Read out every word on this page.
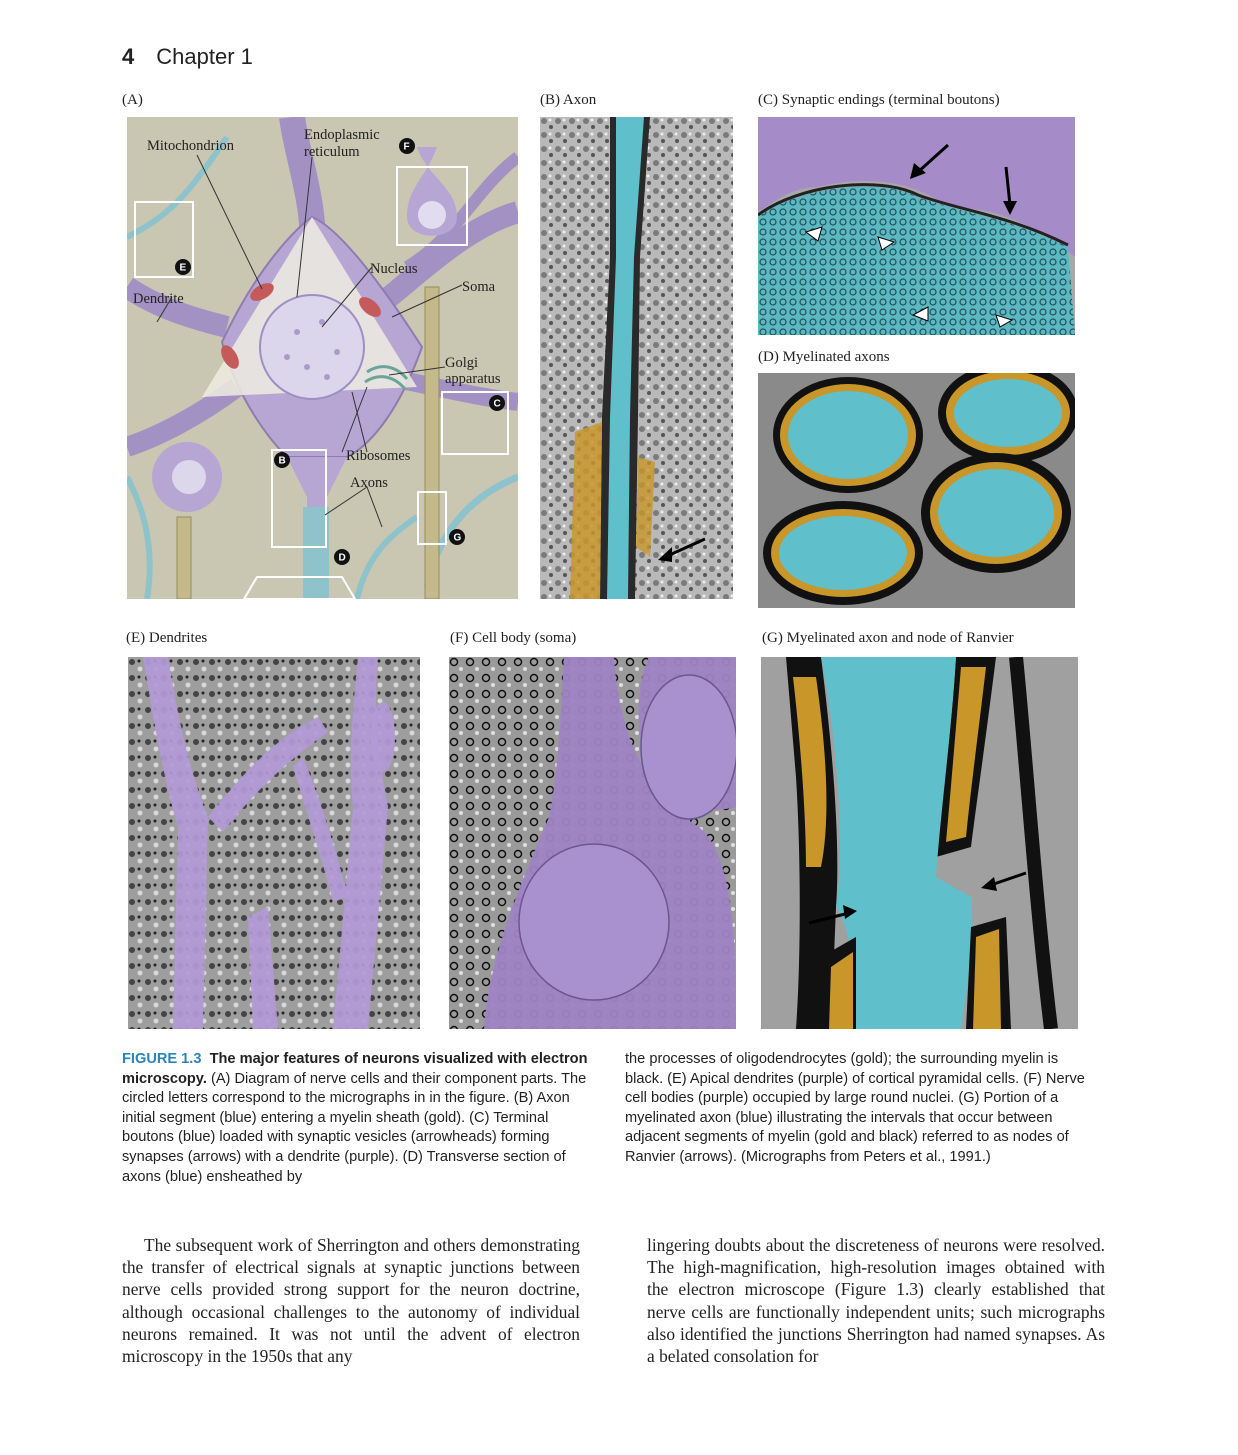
4 Chapter 1
(A)	(B) Axon	(C) Synaptic endings (terminal boutons)
(D) Myelinated axons
(E) Dendrites	(F) Cell body (soma)	(G) Myelinated axon and node of Ranvier
Mitochondrion
Endoplasmic
reticulum
Nucleus
Soma
Dendrite
Golgi
apparatus
Ribosomes
Axons
E
F
C
B
D
G
FIGURE 1.3 The major features of neurons visualized with electron microscopy. (A) Diagram of nerve cells and their component parts. The circled letters correspond to the micrographs in in the figure. (B) Axon initial segment (blue) entering a myelin sheath (gold). (C) Terminal boutons (blue) loaded with synaptic vesicles (arrowheads) forming synapses (arrows) with a dendrite (purple). (D) Transverse section of axons (blue) ensheathed by
the processes of oligodendrocytes (gold); the surrounding myelin is black. (E) Apical dendrites (purple) of cortical pyramidal cells. (F) Nerve cell bodies (purple) occupied by large round nuclei. (G) Portion of a myelinated axon (blue) illustrating the intervals that occur between adjacent segments of myelin (gold and black) referred to as nodes of Ranvier (arrows). (Micrographs from Peters et al., 1991.)
The subsequent work of Sherrington and others demonstrating the transfer of electrical signals at synaptic junctions between nerve cells provided strong support for the neuron doctrine, although occasional challenges to the autonomy of individual neurons remained. It was not until the advent of electron microscopy in the 1950s that any
lingering doubts about the discreteness of neurons were resolved. The high-magnification, high-resolution images obtained with the electron microscope (Figure 1.3) clearly established that nerve cells are functionally independent units; such micrographs also identified the junctions Sherrington had named synapses. As a belated consolation for
